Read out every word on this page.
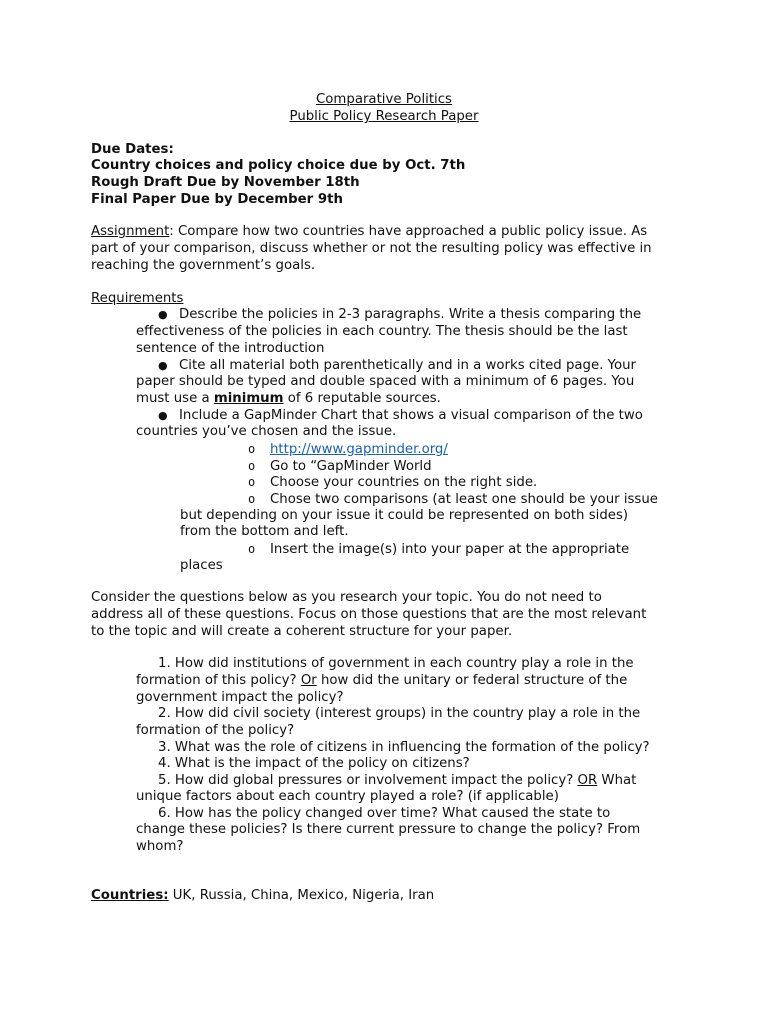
Comparative Politics
Public Policy Research Paper
Due Dates:
Country choices and policy choice due by Oct. 7th
Rough Draft Due by November 18th
Final Paper Due by December 9th
Assignment: Compare how two countries have approached a public policy issue. As
part of your comparison, discuss whether or not the resulting policy was effective in
reaching the government’s goals.
Requirements
● Describe the policies in 2-3 paragraphs. Write a thesis comparing the
effectiveness of the policies in each country. The thesis should be the last
sentence of the introduction
● Cite all material both parenthetically and in a works cited page. Your
paper should be typed and double spaced with a minimum of 6 pages. You
must use a minimum of 6 reputable sources.
● Include a GapMinder Chart that shows a visual comparison of the two
countries you’ve chosen and the issue.
o http://www.gapminder.org/
o Go to “GapMinder World
o Choose your countries on the right side.
o Chose two comparisons (at least one should be your issue
but depending on your issue it could be represented on both sides)
from the bottom and left.
o Insert the image(s) into your paper at the appropriate
places
Consider the questions below as you research your topic. You do not need to
address all of these questions. Focus on those questions that are the most relevant
to the topic and will create a coherent structure for your paper.
1. How did institutions of government in each country play a role in the
formation of this policy? Or how did the unitary or federal structure of the
government impact the policy?
2. How did civil society (interest groups) in the country play a role in the
formation of the policy?
3. What was the role of citizens in influencing the formation of the policy?
4. What is the impact of the policy on citizens?
5. How did global pressures or involvement impact the policy? OR What
unique factors about each country played a role? (if applicable)
6. How has the policy changed over time? What caused the state to
change these policies? Is there current pressure to change the policy? From
whom?
Countries: UK, Russia, China, Mexico, Nigeria, Iran
